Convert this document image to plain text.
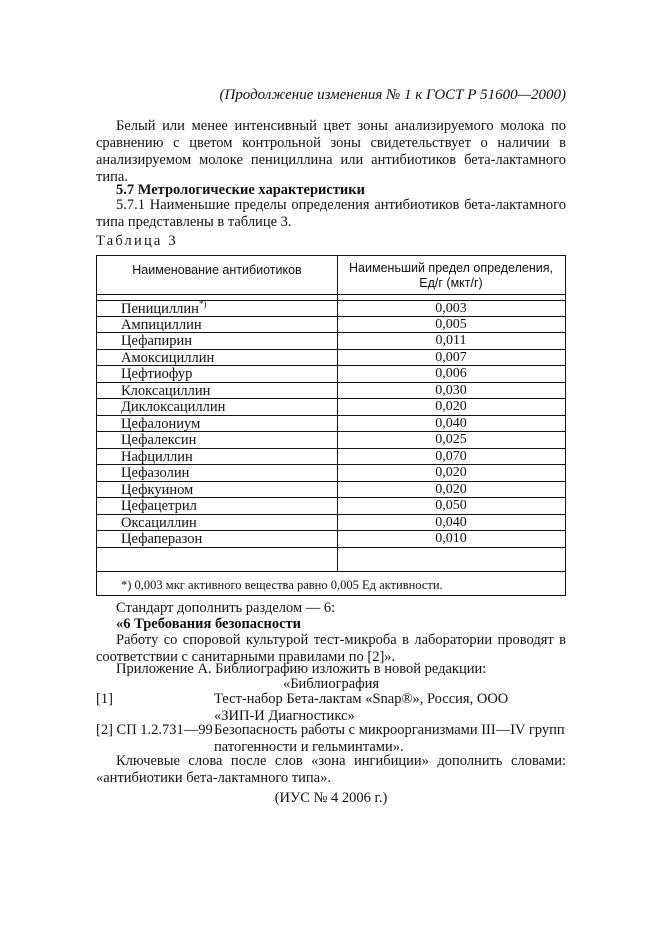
(Продолжение изменения № 1 к ГОСТ Р 51600—2000)
Белый или менее интенсивный цвет зоны анализируемого молока по сравнению с цветом контрольной зоны свидетельствует о наличии в анализируемом молоке пенициллина или антибиотиков бета-лактамного типа.
5.7 Метрологические характеристики
5.7.1 Наименьшие пределы определения антибиотиков бета-лактамного типа представлены в таблице 3.
Таблица 3
Наименование антибиотиков	Наименьший предел определения,
Ед/г (мкт/г)
Пенициллин*)	0,003
Ампициллин	0,005
Цефапирин	0,011
Амоксициллин	0,007
Цефтиофур	0,006
Клоксациллин	0,030
Диклоксациллин	0,020
Цефалониум	0,040
Цефалексин	0,025
Нафциллин	0,070
Цефазолин	0,020
Цефкуином	0,020
Цефацетрил	0,050
Оксациллин	0,040
Цефаперазон	0,010
*) 0,003 мкг активного вещества равно 0,005 Ед активности.
Стандарт дополнить разделом — 6:
«6 Требования безопасности
Работу со споровой культурой тест-микроба в лаборатории проводят в соответствии с санитарными правилами по [2]».
Приложение А. Библиографию изложить в новой редакции:
«Библиография
[1]	Тест-набор Бета-лактам «Snap®», Россия, ООО
«ЗИП-И Диагностикс»
[2] СП 1.2.731—99 Безопасность работы с микроорганизмами III—IV групп
патогенности и гельминтами».
Ключевые слова после слов «зона ингибиции» дополнить словами: «антибиотики бета-лактамного типа».
(ИУС № 4 2006 г.)
